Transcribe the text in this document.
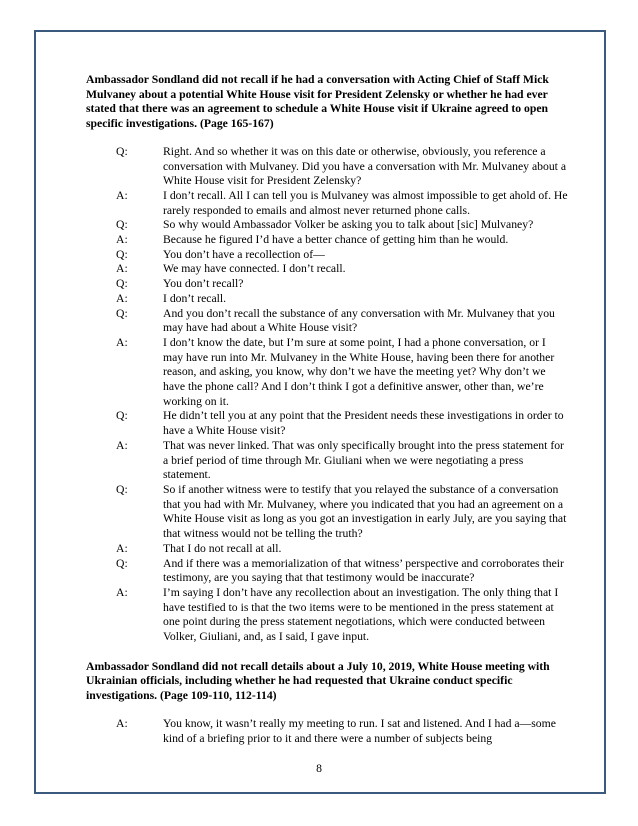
Ambassador Sondland did not recall if he had a conversation with Acting Chief of Staff Mick Mulvaney about a potential White House visit for President Zelensky or whether he had ever stated that there was an agreement to schedule a White House visit if Ukraine agreed to open specific investigations. (Page 165-167)

Q:	Right. And so whether it was on this date or otherwise, obviously, you reference a conversation with Mulvaney. Did you have a conversation with Mr. Mulvaney about a White House visit for President Zelensky?
A:	I don’t recall. All I can tell you is Mulvaney was almost impossible to get ahold of. He rarely responded to emails and almost never returned phone calls.
Q:	So why would Ambassador Volker be asking you to talk about [sic] Mulvaney?
A:	Because he figured I’d have a better chance of getting him than he would.
Q:	You don’t have a recollection of—
A:	We may have connected. I don’t recall.
Q:	You don’t recall?
A:	I don’t recall.
Q:	And you don’t recall the substance of any conversation with Mr. Mulvaney that you may have had about a White House visit?
A:	I don’t know the date, but I’m sure at some point, I had a phone conversation, or I may have run into Mr. Mulvaney in the White House, having been there for another reason, and asking, you know, why don’t we have the meeting yet? Why don’t we have the phone call? And I don’t think I got a definitive answer, other than, we’re working on it.
Q:	He didn’t tell you at any point that the President needs these investigations in order to have a White House visit?
A:	That was never linked. That was only specifically brought into the press statement for a brief period of time through Mr. Giuliani when we were negotiating a press statement.
Q:	So if another witness were to testify that you relayed the substance of a conversation that you had with Mr. Mulvaney, where you indicated that you had an agreement on a White House visit as long as you got an investigation in early July, are you saying that that witness would not be telling the truth?
A:	That I do not recall at all.
Q:	And if there was a memorialization of that witness’ perspective and corroborates their testimony, are you saying that that testimony would be inaccurate?
A:	I’m saying I don’t have any recollection about an investigation. The only thing that I have testified to is that the two items were to be mentioned in the press statement at one point during the press statement negotiations, which were conducted between Volker, Giuliani, and, as I said, I gave input.

Ambassador Sondland did not recall details about a July 10, 2019, White House meeting with Ukrainian officials, including whether he had requested that Ukraine conduct specific investigations. (Page 109-110, 112-114)

A:	You know, it wasn’t really my meeting to run. I sat and listened. And I had a—some kind of a briefing prior to it and there were a number of subjects being
8
